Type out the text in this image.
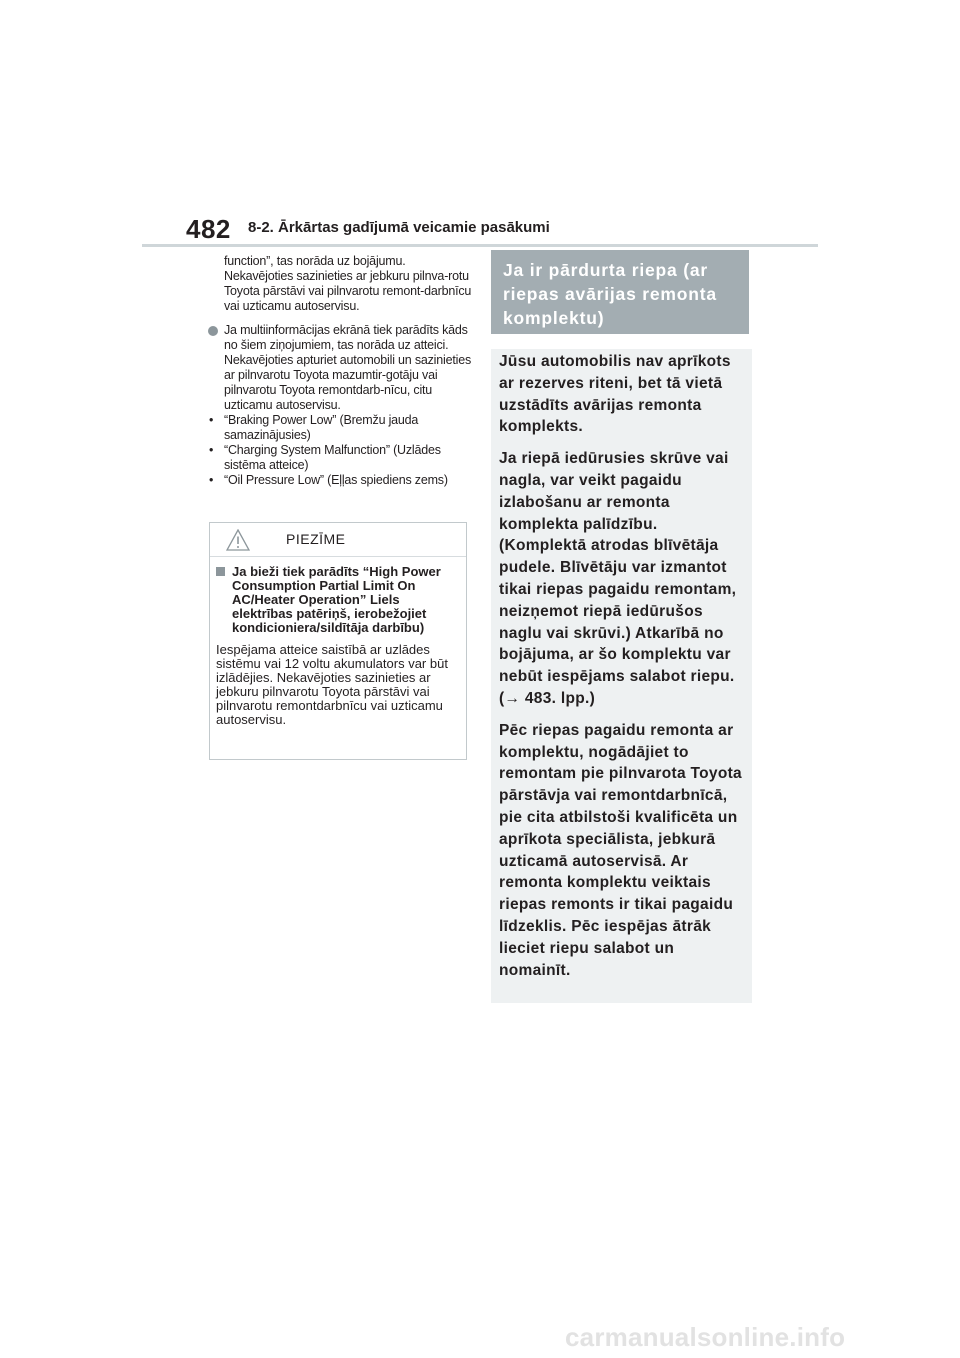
482 8-2. Ārkārtas gadījumā veicamie pasākumi

function”, tas norāda uz bojājumu. Nekavējoties sazinieties ar jebkuru pilnva-rotu Toyota pārstāvi vai pilnvarotu remont-darbnīcu vai uzticamu autoservisu.

Ja multiinformācijas ekrānā tiek parādīts kāds no šiem ziņojumiem, tas norāda uz atteici. Nekavējoties apturiet automobili un sazinieties ar pilnvarotu Toyota mazumtir-gotāju vai pilnvarotu Toyota remontdarb-nīcu, citu uzticamu autoservisu.

• “Braking Power Low” (Bremžu jauda samazinājusies)
• “Charging System Malfunction” (Uzlādes sistēma atteice)
• “Oil Pressure Low” (Eļļas spiediens zems)
PIEZĪME
Ja bieži tiek parādīts “High Power Consumption Partial Limit On AC/Heater Operation” Liels elektrības patēriņš, ierobežojiet kondicioniera/sildītāja darbību)

Iespējama atteice saistībā ar uzlādes sistēmu vai 12 voltu akumulators var būt izlādējies. Nekavējoties sazinieties ar jebkuru pilnvarotu Toyota pārstāvi vai pilnvarotu remontdarbnīcu vai uzticamu autoservisu.

Ja ir pārdurta riepa (ar riepas avārijas remonta komplektu)

Jūsu automobilis nav aprīkots ar rezerves riteni, bet tā vietā uzstādīts avārijas remonta komplekts.

Ja riepā iedūrusies skrūve vai nagla, var veikt pagaidu izlabošanu ar remonta komplekta palīdzību. (Komplektā atrodas blīvētāja pudele. Blīvētāju var izmantot tikai riepas pagaidu remontam, neizņemot riepā iedūrušos naglu vai skrūvi.) Atkarībā no bojājuma, ar šo komplektu var nebūt iespējams salabot riepu. (→ 483. lpp.)

Pēc riepas pagaidu remonta ar komplektu, nogādājiet to remontam pie pilnvarota Toyota pārstāvja vai remontdarbnīcā, pie cita atbilstoši kvalificēta un aprīkota speciālista, jebkurā uzticamā autoservisā. Ar remonta komplektu veiktais riepas remonts ir tikai pagaidu līdzeklis. Pēc iespējas ātrāk lieciet riepu salabot un nomainīt.

carmanualsonline.info
